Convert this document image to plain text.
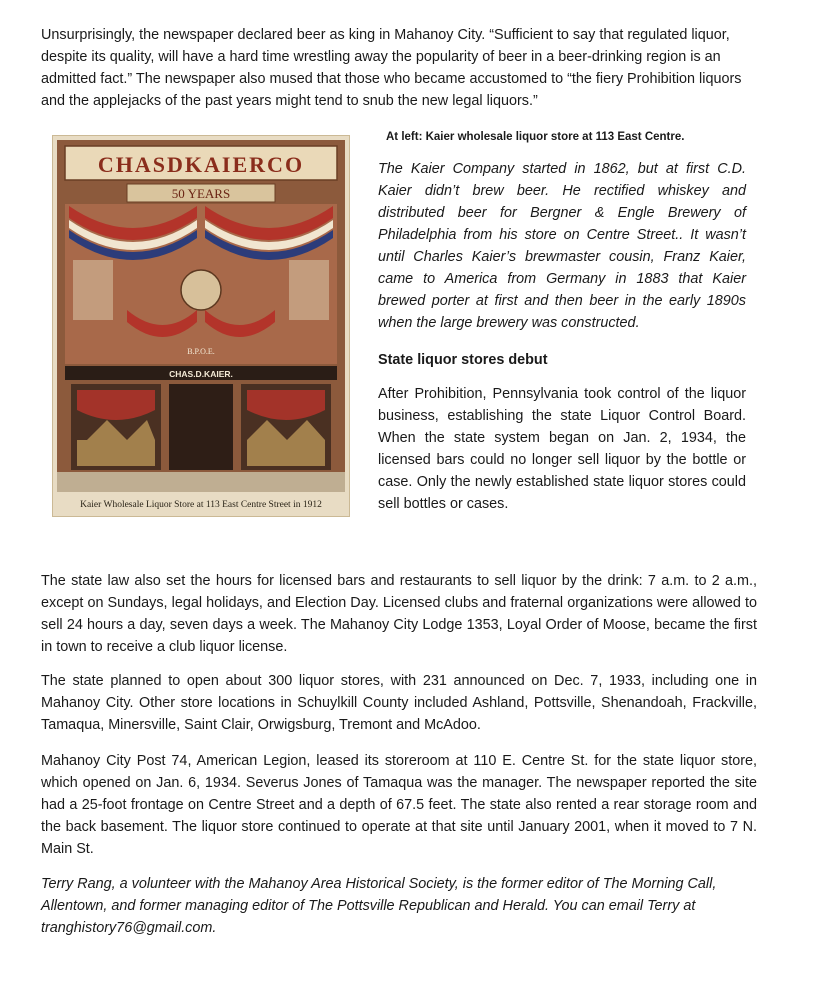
Unsurprisingly, the newspaper declared beer as king in Mahanoy City. “Sufficient to say that regulated liquor, despite its quality, will have a hard time wrestling away the popularity of beer in a beer-drinking region is an admitted fact.” The newspaper also mused that those who became accustomed to “the fiery Prohibition liquors and the applejacks of the past years might tend to snub the new legal liquors.”

CHASDKAIERCO
50 YEARS
B.P.O.E.
CHAS.D.KAIER.
Kaier Wholesale Liquor Store at 113 East Centre Street in 1912
At left: Kaier wholesale liquor store at 113 East Centre.

The Kaier Company started in 1862, but at first C.D. Kaier didn’t brew beer. He rectified whiskey and distributed beer for Bergner & Engle Brewery of Philadelphia from his store on Centre Street.. It wasn’t until Charles Kaier’s brewmaster cousin, Franz Kaier, came to America from Germany in 1883 that Kaier brewed porter at first and then beer in the early 1890s when the large brewery was constructed.

State liquor stores debut

After Prohibition, Pennsylvania took control of the liquor business, establishing the state Liquor Control Board. When the state system began on Jan. 2, 1934, the licensed bars could no longer sell liquor by the bottle or case. Only the newly established state liquor stores could sell bottles or cases.

The state law also set the hours for licensed bars and restaurants to sell liquor by the drink: 7 a.m. to 2 a.m., except on Sundays, legal holidays, and Election Day. Licensed clubs and fraternal organizations were allowed to sell 24 hours a day, seven days a week. The Mahanoy City Lodge 1353, Loyal Order of Moose, became the first in town to receive a club liquor license.

The state planned to open about 300 liquor stores, with 231 announced on Dec. 7, 1933, including one in Mahanoy City. Other store locations in Schuylkill County included Ashland, Pottsville, Shenandoah, Frackville, Tamaqua, Minersville, Saint Clair, Orwigsburg, Tremont and McAdoo.

Mahanoy City Post 74, American Legion, leased its storeroom at 110 E. Centre St. for the state liquor store, which opened on Jan. 6, 1934. Severus Jones of Tamaqua was the manager. The newspaper reported the site had a 25-foot frontage on Centre Street and a depth of 67.5 feet. The state also rented a rear storage room and the back basement. The liquor store continued to operate at that site until January 2001, when it moved to 7 N. Main St.

Terry Rang, a volunteer with the Mahanoy Area Historical Society, is the former editor of The Morning Call, Allentown, and former managing editor of The Pottsville Republican and Herald. You can email Terry at tranghistory76@gmail.com.
